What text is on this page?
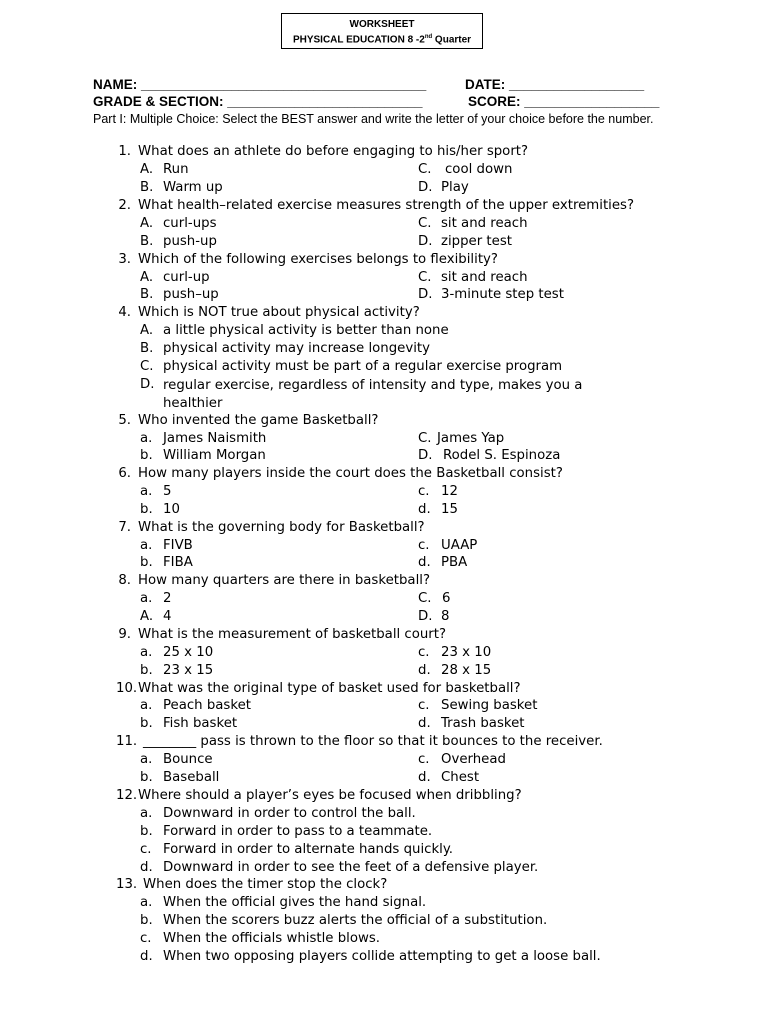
WORKSHEET
PHYSICAL EDUCATION 8 -2nd Quarter
NAME: ______________________________________	DATE: __________________
GRADE & SECTION: __________________________	SCORE: __________________
Part I: Multiple Choice: Select the BEST answer and write the letter of your choice before the number.
1. What does an athlete do before engaging to his/her sport?
A. Run
B. Warm up
C. cool down
D. Play
2. What health–related exercise measures strength of the upper extremities?
A. curl-ups
B. push-up
C. sit and reach
D. zipper test
3. Which of the following exercises belongs to flexibility?
A. curl-up
B. push–up
C. sit and reach
D. 3-minute step test
4. Which is NOT true about physical activity?
A. a little physical activity is better than none
B. physical activity may increase longevity
C. physical activity must be part of a regular exercise program
D. regular exercise, regardless of intensity and type, makes you a healthier
5. Who invented the game Basketball?
a. James Naismith
b. William Morgan
C. James Yap
D. Rodel S. Espinoza
6. How many players inside the court does the Basketball consist?
a. 5
b. 10
c. 12
d. 15
7. What is the governing body for Basketball?
a. FIVB
b. FIBA
c. UAAP
d. PBA
8. How many quarters are there in basketball?
a. 2
A. 4
C. 6
D. 8
9. What is the measurement of basketball court?
a. 25 x 10
b. 23 x 15
c. 23 x 10
d. 28 x 15
10. What was the original type of basket used for basketball?
a. Peach basket
b. Fish basket
c. Sewing basket
d. Trash basket
11. ________ pass is thrown to the floor so that it bounces to the receiver.
a. Bounce
b. Baseball
c. Overhead
d. Chest
12. Where should a player’s eyes be focused when dribbling?
a. Downward in order to control the ball.
b. Forward in order to pass to a teammate.
c. Forward in order to alternate hands quickly.
d. Downward in order to see the feet of a defensive player.
13. When does the timer stop the clock?
a. When the official gives the hand signal.
b. When the scorers buzz alerts the official of a substitution.
c. When the officials whistle blows.
d. When two opposing players collide attempting to get a loose ball.
